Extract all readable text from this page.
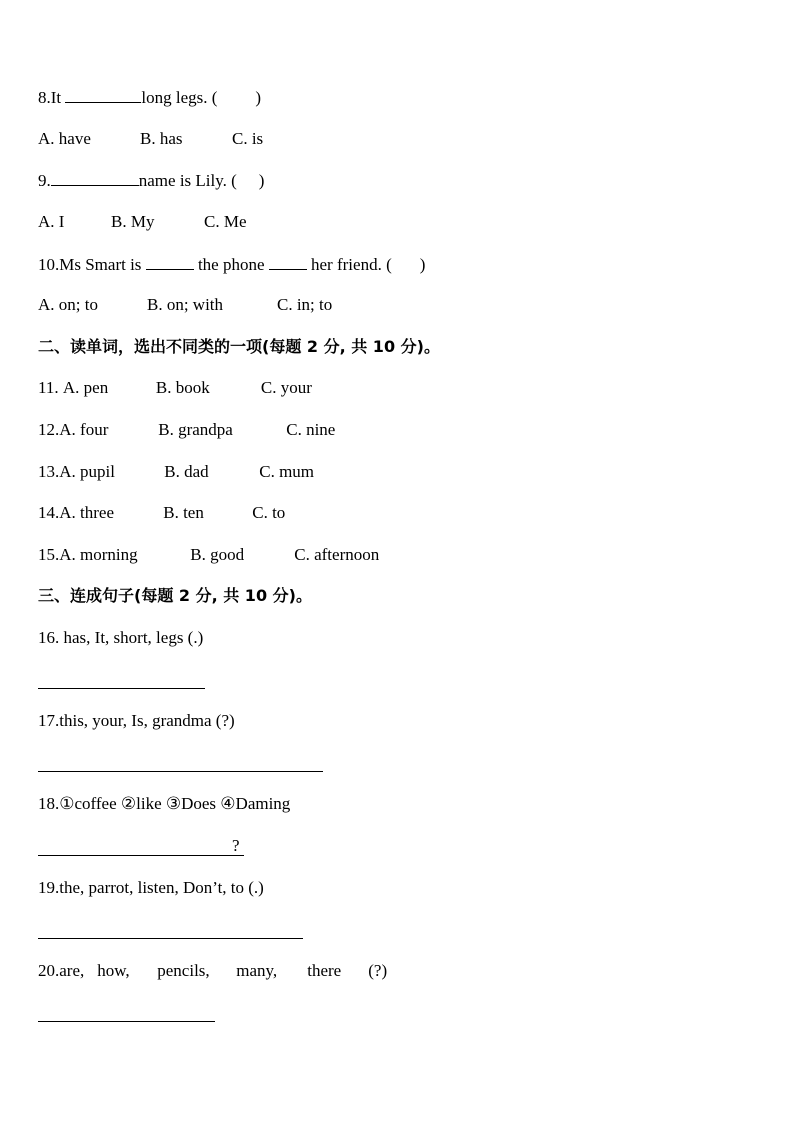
8.It	long legs. ( )
A. have	B. has	C. is
9.	name is Lily. ( )
A. I	B. My	C. Me
10.Ms Smart is	the phone  her friend. ( )
A. on; to	B. on; with	C. in; to
二、读单词，选出不同类的一项(每题 2 分, 共 10 分)。
11. A. pen	B. book	C. your
12.A. four	B. grandpa	C. nine
13.A. pupil	B. dad	C. mum
14.A. three	B. ten	C. to
15.A. morning	B. good	C. afternoon
三、连成句子(每题 2 分, 共 10 分)。
16. has, It, short, legs (.)
17.this, your, Is, grandma (?)
18.①coffee ②like ③Does ④Daming
?
19.the, parrot, listen, Don’t, to (.)
20.are, how, pencils, many, there (?)
